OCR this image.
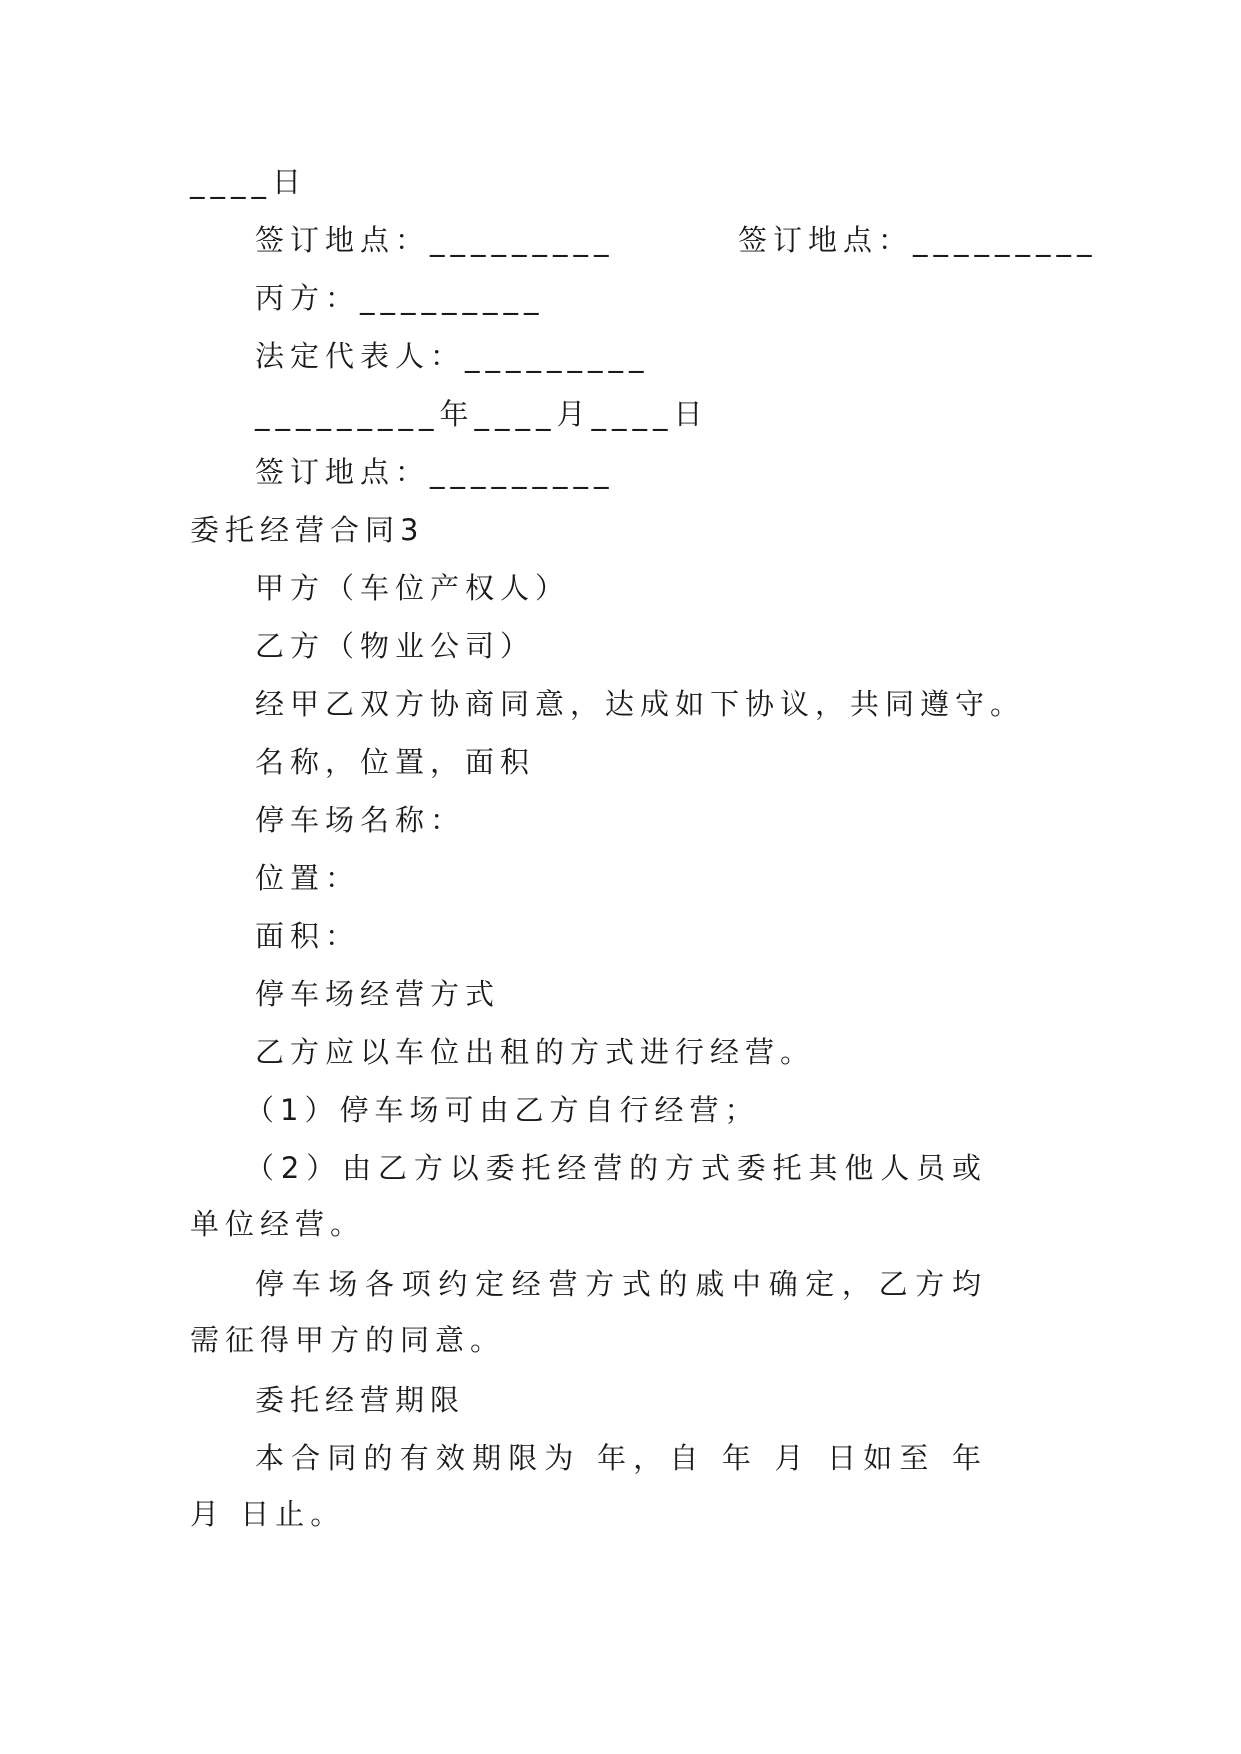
____日
签订地点：_________	签订地点：_________
丙方：_________
法定代表人：_________
_________年____月____日
签订地点：_________
委托经营合同3
甲方（车位产权人）
乙方（物业公司）
经甲乙双方协商同意，达成如下协议，共同遵守。
名称，位置，面积
停车场名称：
位置：
面积：
停车场经营方式
乙方应以车位出租的方式进行经营。
（1）停车场可由乙方自行经营；
（2）由乙方以委托经营的方式委托其他人员或单位经营。
停车场各项约定经营方式的戚中确定，乙方均需征得甲方的同意。
委托经营期限
本合同的有效期限为 年，自 年 月 日如至 年 月 日止。
